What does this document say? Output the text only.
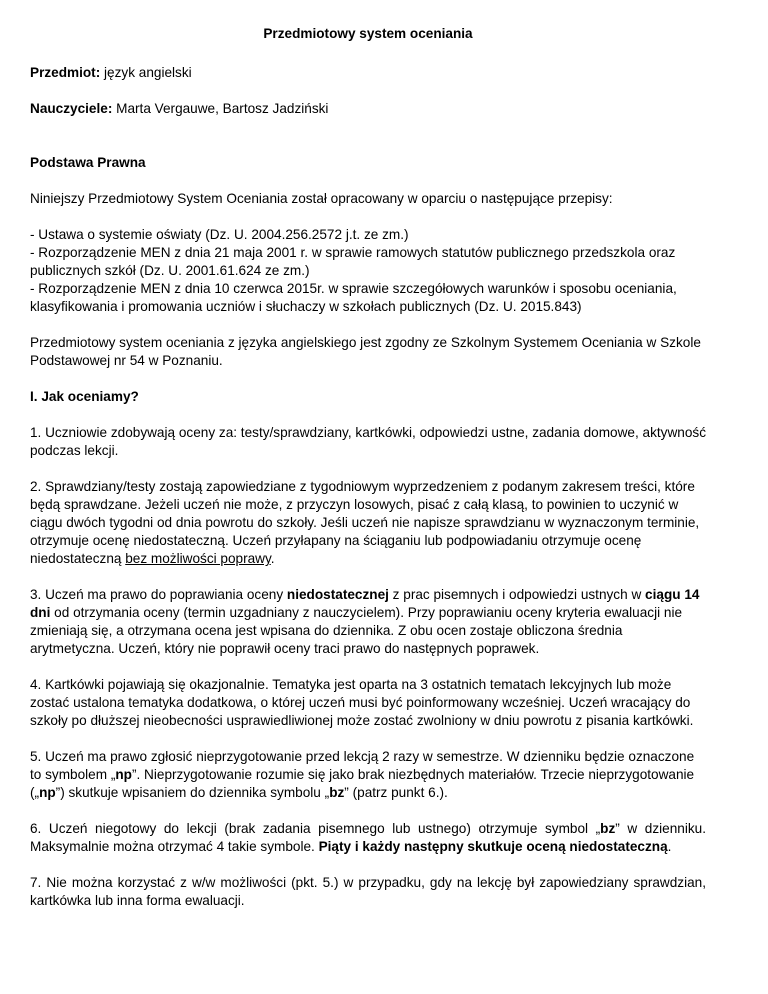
Przedmiotowy system oceniania

Przedmiot: język angielski

Nauczyciele: Marta Vergauwe, Bartosz Jadziński

Podstawa Prawna

Niniejszy Przedmiotowy System Oceniania został opracowany w oparciu o następujące przepisy:

- Ustawa o systemie oświaty (Dz. U. 2004.256.2572 j.t. ze zm.)

- Rozporządzenie MEN z dnia 21 maja 2001 r. w sprawie ramowych statutów publicznego przedszkola oraz publicznych szkół (Dz. U. 2001.61.624 ze zm.)

- Rozporządzenie MEN z dnia 10 czerwca 2015r. w sprawie szczegółowych warunków i sposobu oceniania, klasyfikowania i promowania uczniów i słuchaczy w szkołach publicznych (Dz. U. 2015.843)

Przedmiotowy system oceniania z języka angielskiego jest zgodny ze Szkolnym Systemem Oceniania w Szkole Podstawowej nr 54 w Poznaniu.

I. Jak oceniamy?

1. Uczniowie zdobywają oceny za: testy/sprawdziany, kartkówki, odpowiedzi ustne, zadania domowe, aktywność podczas lekcji.

2. Sprawdziany/testy zostają zapowiedziane z tygodniowym wyprzedzeniem z podanym zakresem treści, które będą sprawdzane. Jeżeli uczeń nie może, z przyczyn losowych, pisać z całą klasą, to powinien to uczynić w ciągu dwóch tygodni od dnia powrotu do szkoły. Jeśli uczeń nie napisze sprawdzianu w wyznaczonym terminie, otrzymuje ocenę niedostateczną. Uczeń przyłapany na ściąganiu lub podpowiadaniu otrzymuje ocenę niedostateczną bez możliwości poprawy.

3. Uczeń ma prawo do poprawiania oceny niedostatecznej z prac pisemnych i odpowiedzi ustnych w ciągu 14 dni od otrzymania oceny (termin uzgadniany z nauczycielem). Przy poprawianiu oceny kryteria ewaluacji nie zmieniają się, a otrzymana ocena jest wpisana do dziennika. Z obu ocen zostaje obliczona średnia arytmetyczna. Uczeń, który nie poprawił oceny traci prawo do następnych poprawek.

4. Kartkówki pojawiają się okazjonalnie. Tematyka jest oparta na 3 ostatnich tematach lekcyjnych lub może zostać ustalona tematyka dodatkowa, o której uczeń musi być poinformowany wcześniej. Uczeń wracający do szkoły po dłuższej nieobecności usprawiedliwionej może zostać zwolniony w dniu powrotu z pisania kartkówki.

5. Uczeń ma prawo zgłosić nieprzygotowanie przed lekcją 2 razy w semestrze. W dzienniku będzie oznaczone to symbolem „np”. Nieprzygotowanie rozumie się jako brak niezbędnych materiałów. Trzecie nieprzygotowanie („np”) skutkuje wpisaniem do dziennika symbolu „bz” (patrz punkt 6.).

6. Uczeń niegotowy do lekcji (brak zadania pisemnego lub ustnego) otrzymuje symbol „bz” w dzienniku. Maksymalnie można otrzymać 4 takie symbole. Piąty i każdy następny skutkuje oceną niedostateczną.

7. Nie można korzystać z w/w możliwości (pkt. 5.) w przypadku, gdy na lekcję był zapowiedziany sprawdzian, kartkówka lub inna forma ewaluacji.
